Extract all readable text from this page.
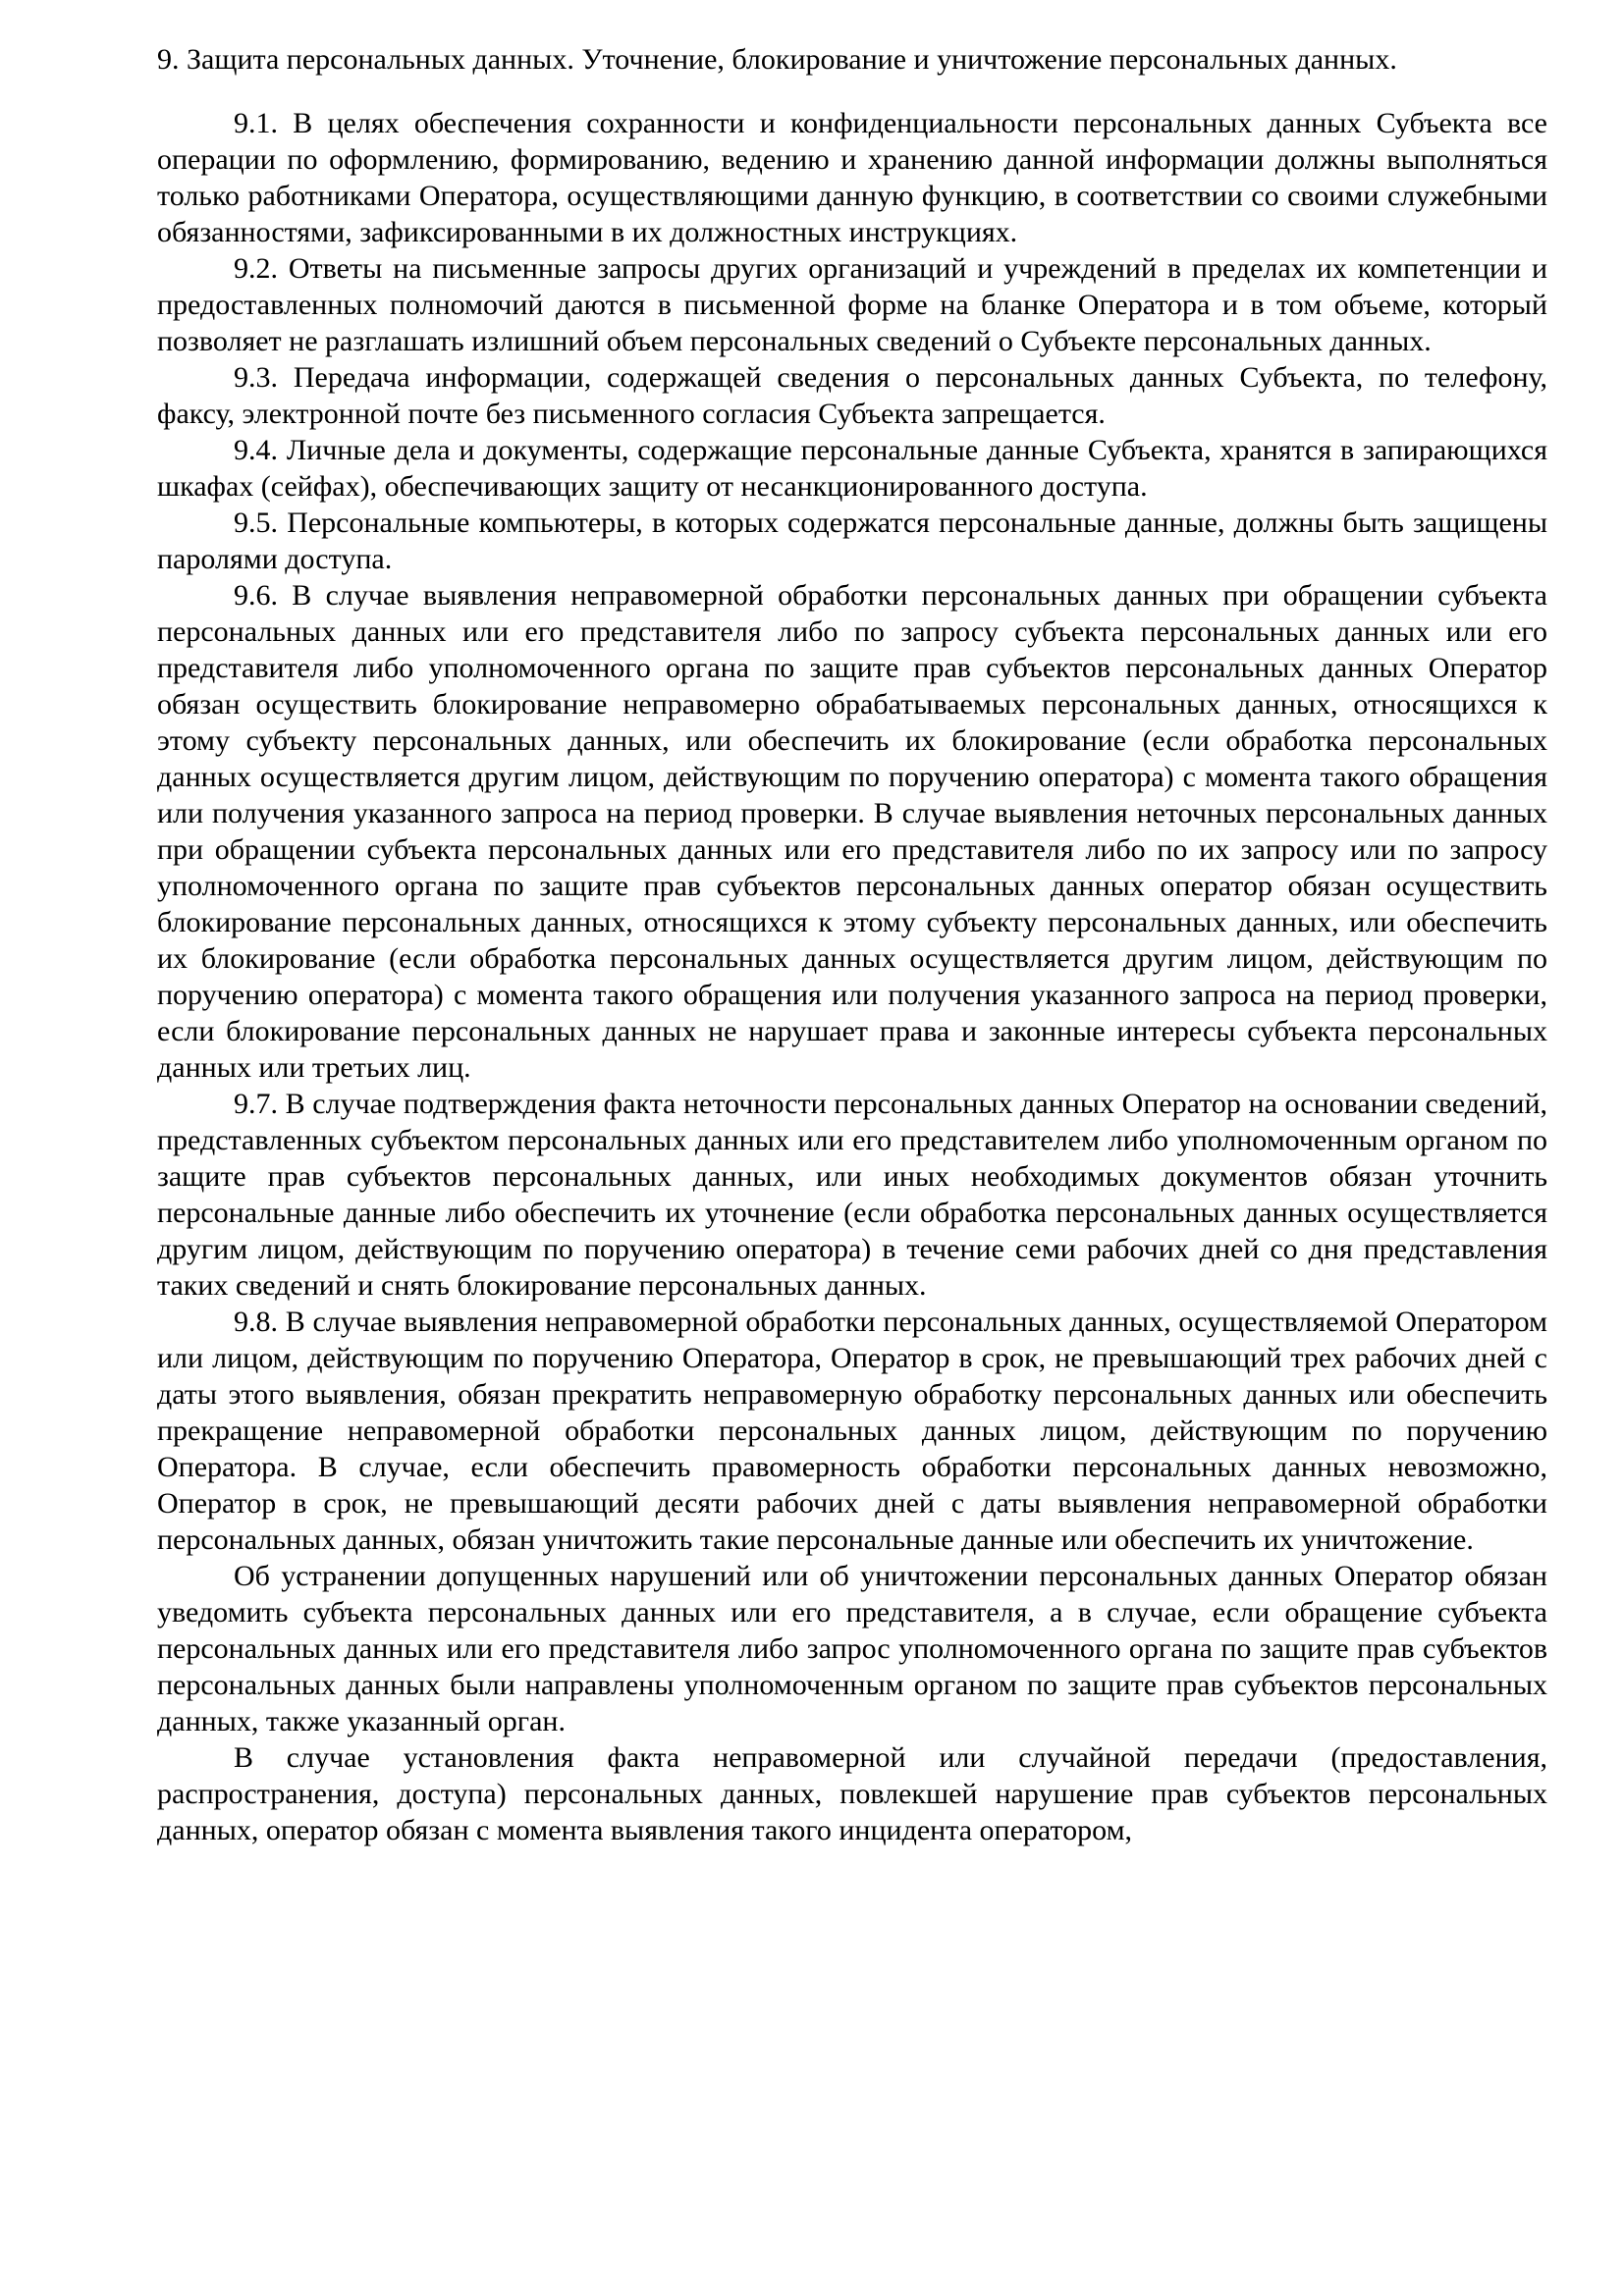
9. Защита персональных данных. Уточнение, блокирование и уничтожение персональных данных.

9.1. В целях обеспечения сохранности и конфиденциальности персональных данных Субъекта все операции по оформлению, формированию, ведению и хранению данной информации должны выполняться только работниками Оператора, осуществляющими данную функцию, в соответствии со своими служебными обязанностями, зафиксированными в их должностных инструкциях.

9.2. Ответы на письменные запросы других организаций и учреждений в пределах их компетенции и предоставленных полномочий даются в письменной форме на бланке Оператора и в том объеме, который позволяет не разглашать излишний объем персональных сведений о Субъекте персональных данных.

9.3. Передача информации, содержащей сведения о персональных данных Субъекта, по телефону, факсу, электронной почте без письменного согласия Субъекта запрещается.

9.4. Личные дела и документы, содержащие персональные данные Субъекта, хранятся в запирающихся шкафах (сейфах), обеспечивающих защиту от несанкционированного доступа.

9.5. Персональные компьютеры, в которых содержатся персональные данные, должны быть защищены паролями доступа.

9.6. В случае выявления неправомерной обработки персональных данных при обращении субъекта персональных данных или его представителя либо по запросу субъекта персональных данных или его представителя либо уполномоченного органа по защите прав субъектов персональных данных Оператор обязан осуществить блокирование неправомерно обрабатываемых персональных данных, относящихся к этому субъекту персональных данных, или обеспечить их блокирование (если обработка персональных данных осуществляется другим лицом, действующим по поручению оператора) с момента такого обращения или получения указанного запроса на период проверки. В случае выявления неточных персональных данных при обращении субъекта персональных данных или его представителя либо по их запросу или по запросу уполномоченного органа по защите прав субъектов персональных данных оператор обязан осуществить блокирование персональных данных, относящихся к этому субъекту персональных данных, или обеспечить их блокирование (если обработка персональных данных осуществляется другим лицом, действующим по поручению оператора) с момента такого обращения или получения указанного запроса на период проверки, если блокирование персональных данных не нарушает права и законные интересы субъекта персональных данных или третьих лиц.

9.7. В случае подтверждения факта неточности персональных данных Оператор на основании сведений, представленных субъектом персональных данных или его представителем либо уполномоченным органом по защите прав субъектов персональных данных, или иных необходимых документов обязан уточнить персональные данные либо обеспечить их уточнение (если обработка персональных данных осуществляется другим лицом, действующим по поручению оператора) в течение семи рабочих дней со дня представления таких сведений и снять блокирование персональных данных.

9.8. В случае выявления неправомерной обработки персональных данных, осуществляемой Оператором или лицом, действующим по поручению Оператора, Оператор в срок, не превышающий трех рабочих дней с даты этого выявления, обязан прекратить неправомерную обработку персональных данных или обеспечить прекращение неправомерной обработки персональных данных лицом, действующим по поручению Оператора. В случае, если обеспечить правомерность обработки персональных данных невозможно, Оператор в срок, не превышающий десяти рабочих дней с даты выявления неправомерной обработки персональных данных, обязан уничтожить такие персональные данные или обеспечить их уничтожение.

Об устранении допущенных нарушений или об уничтожении персональных данных Оператор обязан уведомить субъекта персональных данных или его представителя, а в случае, если обращение субъекта персональных данных или его представителя либо запрос уполномоченного органа по защите прав субъектов персональных данных были направлены уполномоченным органом по защите прав субъектов персональных данных, также указанный орган.

В случае установления факта неправомерной или случайной передачи (предоставления, распространения, доступа) персональных данных, повлекшей нарушение прав субъектов персональных данных, оператор обязан с момента выявления такого инцидента оператором,
